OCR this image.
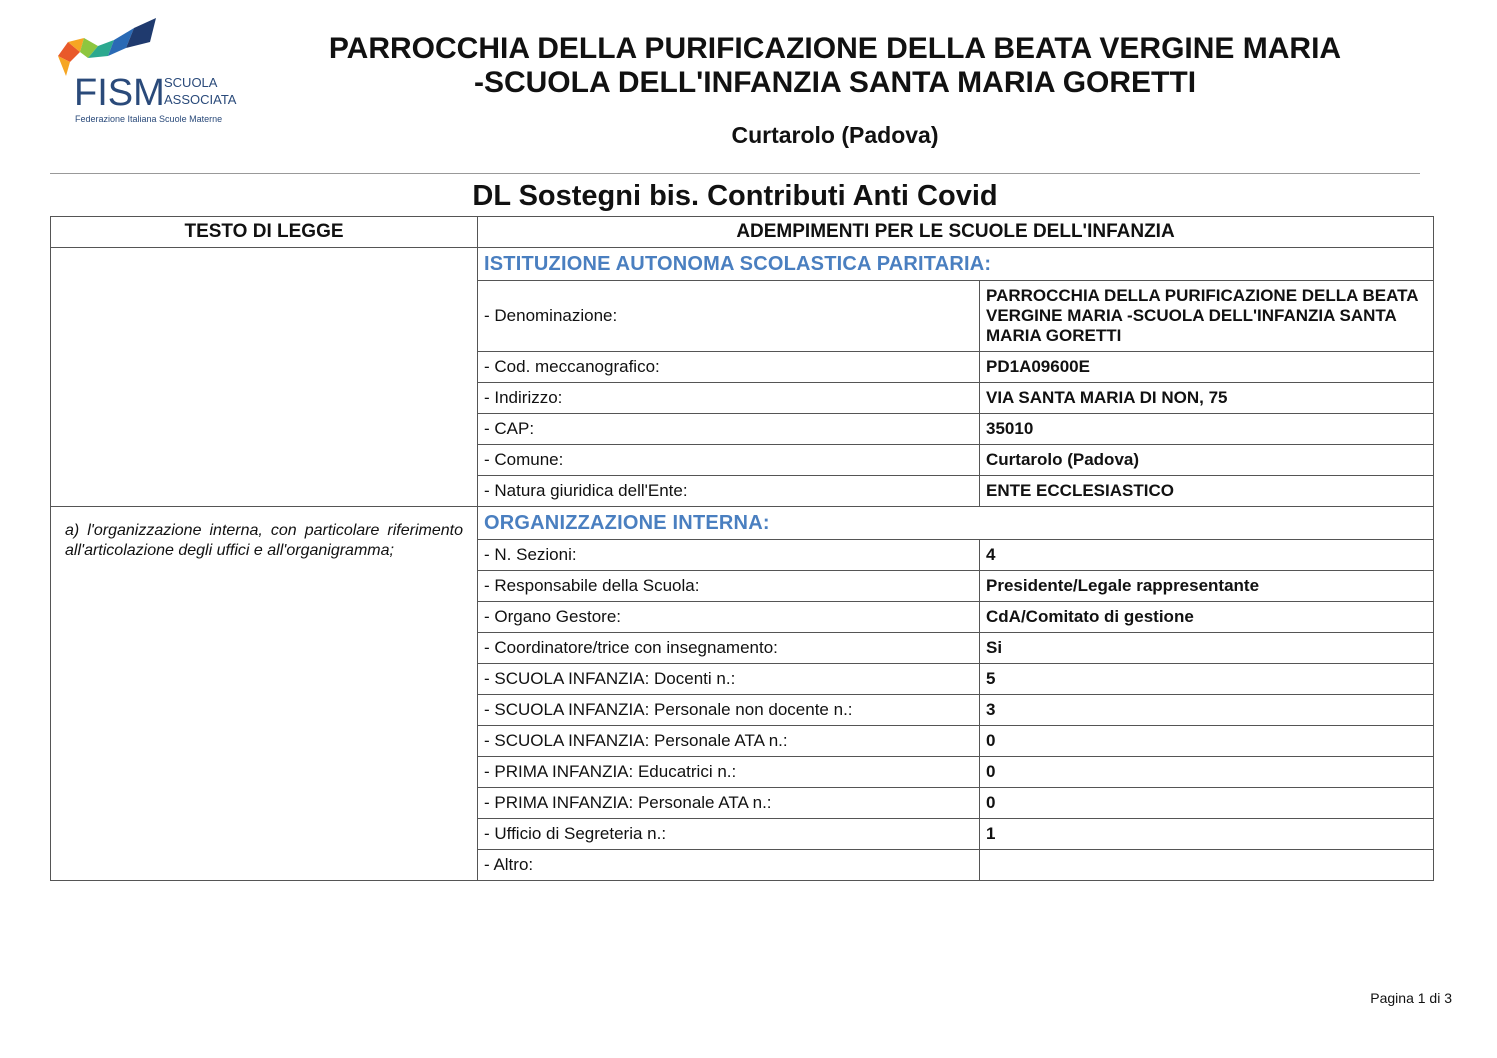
FISM SCUOLA
ASSOCIATA
Federazione Italiana Scuole Materne
PARROCCHIA DELLA PURIFICAZIONE DELLA BEATA VERGINE MARIA
-SCUOLA DELL'INFANZIA SANTA MARIA GORETTI
Curtarolo (Padova)
DL Sostegni bis. Contributi Anti Covid
TESTO DI LEGGE	ADEMPIMENTI PER LE SCUOLE DELL'INFANZIA	
	ISTITUZIONE AUTONOMA SCOLASTICA PARITARIA:	
	- Denominazione:	PARROCCHIA DELLA PURIFICAZIONE DELLA BEATA VERGINE MARIA -SCUOLA DELL'INFANZIA SANTA MARIA GORETTI
	- Cod. meccanografico:	PD1A09600E
	- Indirizzo:	VIA SANTA MARIA DI NON, 75
	- CAP:	35010
	- Comune:	Curtarolo (Padova)
	- Natura giuridica dell'Ente:	ENTE ECCLESIASTICO
a) l'organizzazione interna, con particolare riferimento all'articolazione degli uffici e all'organigramma;	ORGANIZZAZIONE INTERNA:	
	- N. Sezioni:	4
	- Responsabile della Scuola:	Presidente/Legale rappresentante
	- Organo Gestore:	CdA/Comitato di gestione
	- Coordinatore/trice con insegnamento:	Si
	- SCUOLA INFANZIA: Docenti n.:	5
	- SCUOLA INFANZIA: Personale non docente n.:	3
	- SCUOLA INFANZIA: Personale ATA n.:	0
	- PRIMA INFANZIA: Educatrici n.:	0
	- PRIMA INFANZIA: Personale ATA n.:	0
	- Ufficio di Segreteria n.:	1
	- Altro:	
Pagina 1 di 3
